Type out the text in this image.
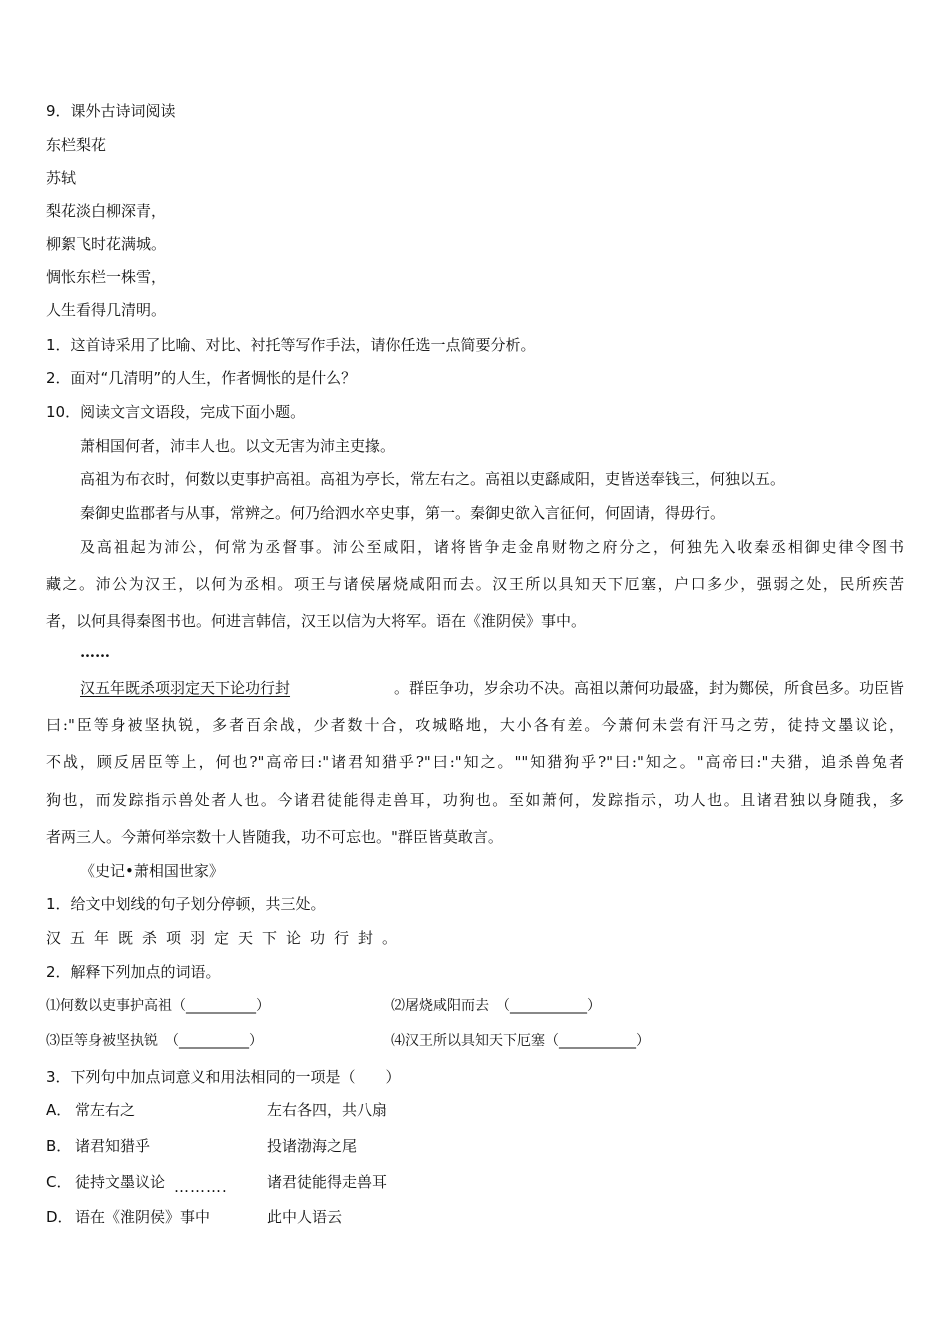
9．课外古诗词阅读
东栏梨花
苏轼
梨花淡白柳深青，
柳絮飞时花满城。
惆怅东栏一株雪，
人生看得几清明。
1．这首诗采用了比喻、对比、衬托等写作手法，请你任选一点简要分析。
2．面对“几清明”的人生，作者惆怅的是什么？
10．阅读文言文语段，完成下面小题。
萧相国何者，沛丰人也。以文无害为沛主吏掾。
高祖为布衣时，何数以吏事护高祖。高祖为亭长，常左右之。高祖以吏繇咸阳，吏皆送奉钱三，何独以五。
秦御史监郡者与从事，常辨之。何乃给泗水卒史事，第一。秦御史欲入言征何，何固请，得毋行。
及高祖起为沛公，何常为丞督事。沛公至咸阳，诸将皆争走金帛财物之府分之，何独先入收秦丞相御史律令图书
藏之。沛公为汉王，以何为丞相。项王与诸侯屠烧咸阳而去。汉王所以具知天下厄塞，户口多少，强弱之处，民所疾苦
者，以何具得秦图书也。何进言韩信，汉王以信为大将军。语在《淮阴侯》事中。
……
汉五年既杀项羽定天下论功行封	。群臣争功，岁余功不决。高祖以萧何功最盛，封为酂侯，所食邑多。功臣皆
曰:"臣等身被坚执锐，多者百余战，少者数十合，攻城略地，大小各有差。今萧何未尝有汗马之劳，徒持文墨议论，
不战，顾反居臣等上，何也?"高帝曰:"诸君知猎乎?"曰:"知之。""知猎狗乎?"曰:"知之。"高帝曰:"夫猎，追杀兽兔者
狗也，而发踪指示兽处者人也。今诸君徒能得走兽耳，功狗也。至如萧何，发踪指示，功人也。且诸君独以身随我，多
者两三人。今萧何举宗数十人皆随我，功不可忘也。"群臣皆莫敢言。
《史记•萧相国世家》
1．给文中划线的句子划分停顿，共三处。
汉五年既杀项羽定天下论功行封。
2．解释下列加点的词语。
⑴何数以吏事护高祖（__________）	⑵屠烧咸阳而去　（___________）
⑶臣等身被坚执锐　（__________）	⑷汉王所以具知天下厄塞（___________）
3．下列句中加点词意义和用法相同的一项是（　　）
A． 常左右之	左右各四，共八扇
B． 诸君知猎乎	投诸渤海之尾
C． 徒持文墨议论 ……….	诸君徒能得走兽耳
D． 语在《淮阴侯》事中	此中人语云
